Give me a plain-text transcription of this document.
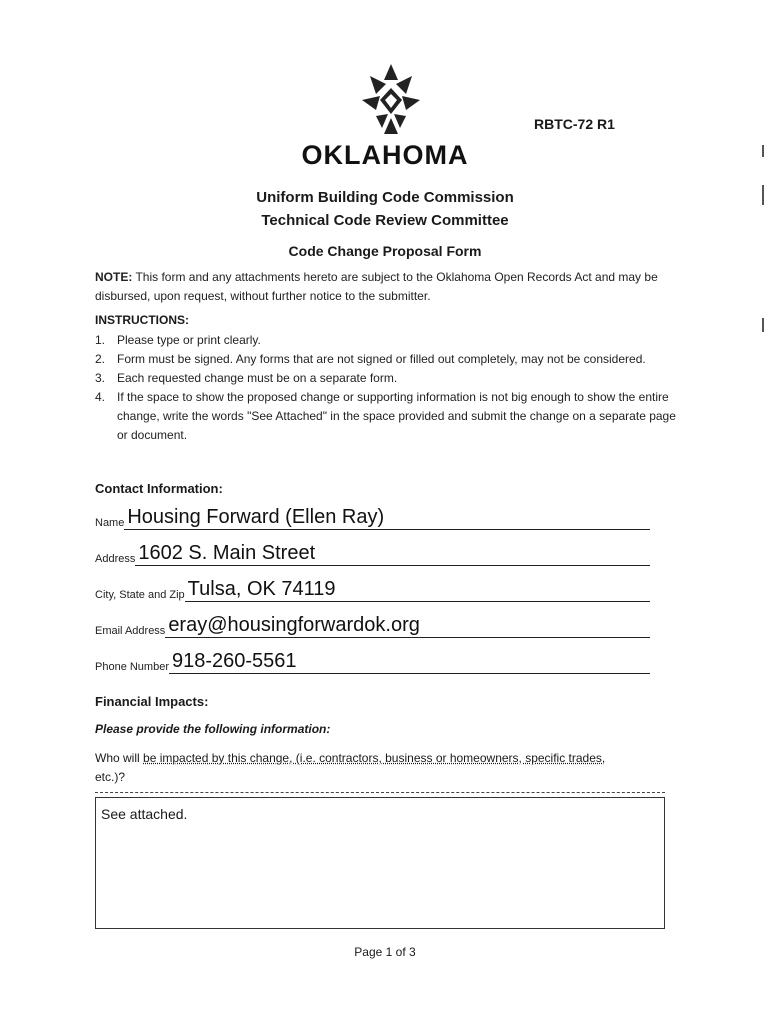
OKLAHOMA
RBTC-72 R1
Uniform Building Code Commission
Technical Code Review Committee
Code Change Proposal Form
NOTE: This form and any attachments hereto are subject to the Oklahoma Open Records Act and may be disbursed, upon request, without further notice to the submitter.
INSTRUCTIONS:
1. Please type or print clearly.
2. Form must be signed. Any forms that are not signed or filled out completely, may not be considered.
3. Each requested change must be on a separate form.
4. If the space to show the proposed change or supporting information is not big enough to show the entire change, write the words "See Attached" in the space provided and submit the change on a separate page or document.
Contact Information:
Name Housing Forward (Ellen Ray)
Address 1602 S. Main Street
City, State and Zip Tulsa, OK 74119
Email Address eray@housingforwardok.org
Phone Number 918-260-5561
Financial Impacts:
Please provide the following information:
Who will be impacted by this change, (i.e. contractors, business or homeowners, specific trades,
etc.)?
See attached.
Page 1 of 3
